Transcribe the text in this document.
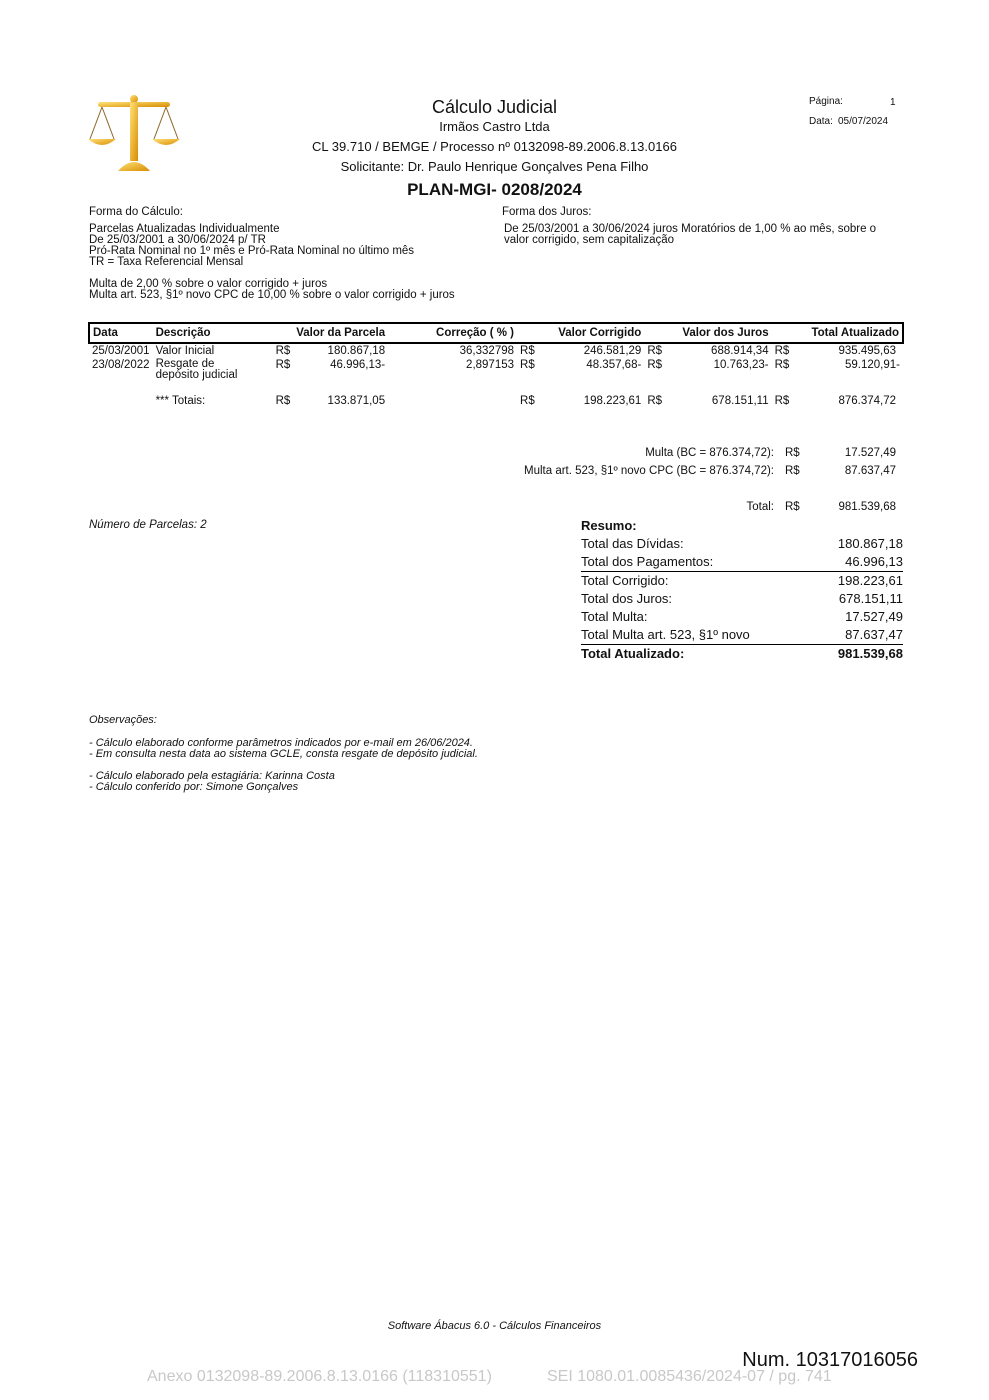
Cálculo Judicial
Irmãos Castro Ltda
CL 39.710 / BEMGE / Processo nº 0132098-89.2006.8.13.0166
Solicitante: Dr. Paulo Henrique Gonçalves Pena Filho
PLAN-MGI- 0208/2024
Página:	1
Data: 05/07/2024
Forma do Cálculo:
Parcelas Atualizadas Individualmente
De 25/03/2001 a 30/06/2024 p/ TR
Pró-Rata Nominal no 1º mês e Pró-Rata Nominal no último mês
TR = Taxa Referencial Mensal
Multa de 2,00 % sobre o valor corrigido + juros
Multa art. 523, §1º novo CPC de 10,00 % sobre o valor corrigido + juros
Forma dos Juros:
De 25/03/2001 a 30/06/2024 juros Moratórios de 1,00 % ao mês, sobre o
valor corrigido, sem capitalização
Data	Descrição	Valor da Parcela		Correção ( % )	Valor Corrigido		Valor dos Juros		Total Atualizado	
25/03/2001	Valor Inicial	R$	180.867,18	36,332798	R$	246.581,29	R$	688.914,34	R$	935.495,63
23/08/2022	Resgate de
depósito judicial	R$	46.996,13-	2,897153	R$	48.357,68-	R$	10.763,23-	R$	59.120,91-
	*** Totais:	R$	133.871,05		R$	198.223,61	R$	678.151,11	R$	876.374,72
Multa (BC = 876.374,72): R$	17.527,49
Multa art. 523, §1º novo CPC (BC = 876.374,72): R$	87.637,47
Total: R$	981.539,68
Número de Parcelas: 2	Resumo:
Total das Dívidas:	180.867,18
Total dos Pagamentos:	46.996,13
Total Corrigido:	198.223,61
Total dos Juros:	678.151,11
Total Multa:	17.527,49
Total Multa art. 523, §1º novo	87.637,47
Total Atualizado:	981.539,68
Observações:
- Cálculo elaborado conforme parâmetros indicados por e-mail em 26/06/2024.
- Em consulta nesta data ao sistema GCLE, consta resgate de depósito judicial.
- Cálculo elaborado pela estagiária: Karinna Costa
- Cálculo conferido por: Simone Gonçalves
Software Ábacus 6.0 - Cálculos Financeiros
Num. 10317016056
Anexo 0132098-89.2006.8.13.0166 (118310551)	SEI 1080.01.0085436/2024-07 / pg. 741
